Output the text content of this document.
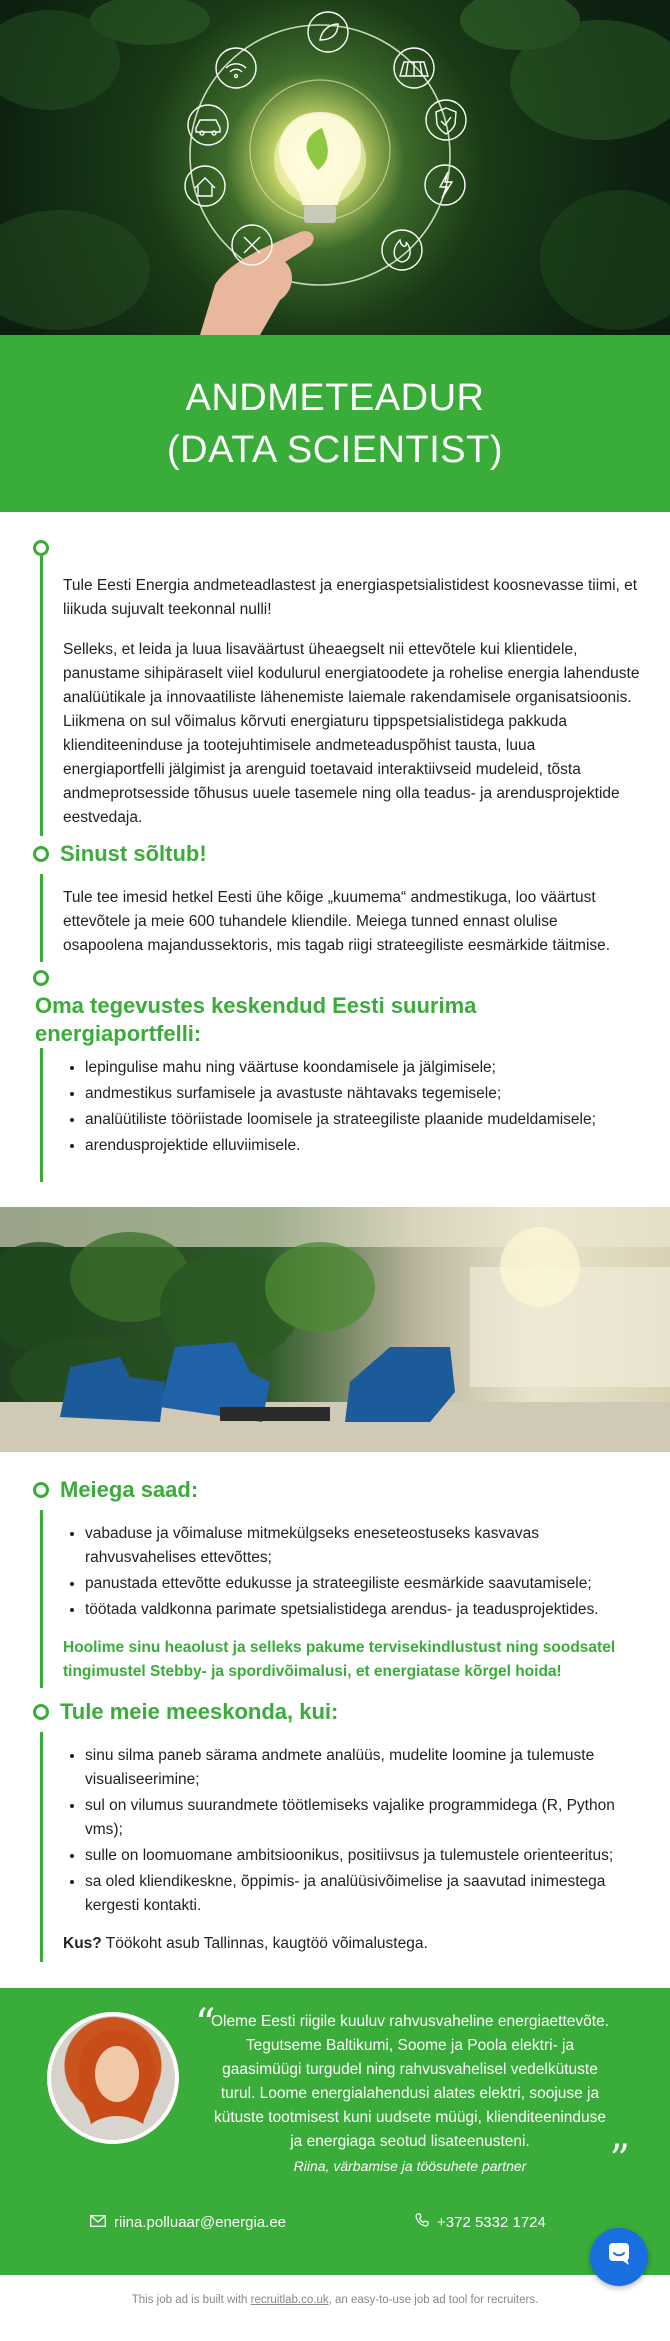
ANDMETEADUR
(DATA SCIENTIST)

Tule Eesti Energia andmeteadlastest ja energiaspetsialistidest koosnevasse tiimi, et liikuda sujuvalt teekonnal nulli!

Selleks, et leida ja luua lisaväärtust üheaegselt nii ettevõtele kui klientidele, panustame sihipäraselt viiel kodulurul energiatoodete ja rohelise energia lahenduste analüütikale ja innovaatiliste lähenemiste laiemale rakendamisele organisatsioonis. Liikmena on sul võimalus kõrvuti energiaturu tippspetsialistidega pakkuda klienditeeninduse ja tootejuhtimisele andmeteaduspõhist tausta, luua energiaportfelli jälgimist ja arenguid toetavaid interaktiivseid mudeleid, tõsta andmeprotsesside tõhusus uuele tasemele ning olla teadus- ja arendusprojektide eestvedaja.

Sinust sõltub!

Tule tee imesid hetkel Eesti ühe kõige „kuumema“ andmestikuga, loo väärtust ettevõtele ja meie 600 tuhandele kliendile. Meiega tunned ennast olulise osapoolena majandussektoris, mis tagab riigi strateegiliste eesmärkide täitmise.

Oma tegevustes keskendud Eesti suurima energiaportfelli:
• lepingulise mahu ning väärtuse koondamisele ja jälgimisele;
• andmestikus surfamisele ja avastuste nähtavaks tegemisele;
• analüütiliste tööriistade loomisele ja strateegiliste plaanide mudeldamisele;
• arendusprojektide elluviimisele.
Meiega saad:
• vabaduse ja võimaluse mitmekülgseks eneseteostuseks kasvavas rahvusvahelises ettevõttes;
• panustada ettevõtte edukusse ja strateegiliste eesmärkide saavutamisele;
• töötada valdkonna parimate spetsialistidega arendus- ja teadusprojektides.

Hoolime sinu heaolust ja selleks pakume tervisekindlustust ning soodsatel tingimustel Stebby- ja spordivõimalusi, et energiatase kõrgel hoida!

Tule meie meeskonda, kui:
• sinu silma paneb särama andmete analüüs, mudelite loomine ja tulemuste visualiseerimine;
• sul on vilumus suurandmete töötlemiseks vajalike programmidega (R, Python vms);
• sulle on loomuomane ambitsioonikus, positiivsus ja tulemustele orienteeritus;
• sa oled kliendikeskne, õppimis- ja analüüsivõimelise ja saavutad inimestega kergesti kontakti.

Kus? Töökoht asub Tallinnas, kaugtöö võimalustega.

“
Oleme Eesti riigile kuuluv rahvusvaheline energiaettevõte. Tegutseme Baltikumi, Soome ja Poola elektri- ja gaasimüügi turgudel ning rahvusvahelisel vedelkütuste turul. Loome energialahendusi alates elektri, soojuse ja kütuste tootmisest kuni uudsete müügi, klienditeeninduse ja energiaga seotud lisateenusteni.
Riina, värbamise ja töösuhete partner	”
riina.polluaar@energia.ee	+372 5332 1724
This job ad is built with recruitlab.co.uk, an easy-to-use job ad tool for recruiters.
